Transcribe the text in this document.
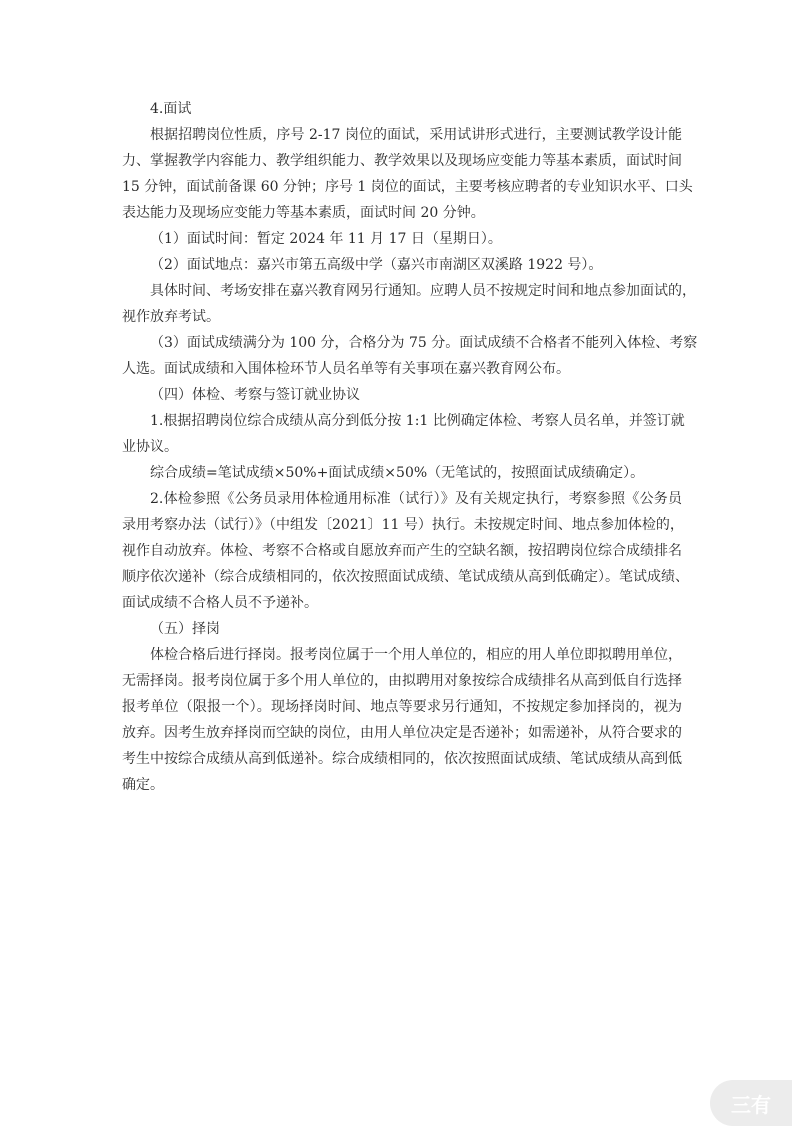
4.面试

根据招聘岗位性质，序号 2-17 岗位的面试，采用试讲形式进行，主要测试教学设计能

力、掌握教学内容能力、教学组织能力、教学效果以及现场应变能力等基本素质，面试时间

15 分钟，面试前备课 60 分钟；序号 1 岗位的面试，主要考核应聘者的专业知识水平、口头

表达能力及现场应变能力等基本素质，面试时间 20 分钟。

（1）面试时间：暂定 2024 年 11 月 17 日（星期日）。

（2）面试地点：嘉兴市第五高级中学（嘉兴市南湖区双溪路 1922 号）。

具体时间、考场安排在嘉兴教育网另行通知。应聘人员不按规定时间和地点参加面试的，

视作放弃考试。

（3）面试成绩满分为 100 分，合格分为 75 分。面试成绩不合格者不能列入体检、考察

人选。面试成绩和入围体检环节人员名单等有关事项在嘉兴教育网公布。

（四）体检、考察与签订就业协议

1.根据招聘岗位综合成绩从高分到低分按 1:1 比例确定体检、考察人员名单，并签订就

业协议。

综合成绩=笔试成绩×50%+面试成绩×50%（无笔试的，按照面试成绩确定）。

2.体检参照《公务员录用体检通用标准（试行）》及有关规定执行，考察参照《公务员

录用考察办法（试行）》（中组发〔2021〕11 号）执行。未按规定时间、地点参加体检的，

视作自动放弃。体检、考察不合格或自愿放弃而产生的空缺名额，按招聘岗位综合成绩排名

顺序依次递补（综合成绩相同的，依次按照面试成绩、笔试成绩从高到低确定）。笔试成绩、

面试成绩不合格人员不予递补。

（五）择岗

体检合格后进行择岗。报考岗位属于一个用人单位的，相应的用人单位即拟聘用单位，

无需择岗。报考岗位属于多个用人单位的，由拟聘用对象按综合成绩排名从高到低自行选择

报考单位（限报一个）。现场择岗时间、地点等要求另行通知，不按规定参加择岗的，视为

放弃。因考生放弃择岗而空缺的岗位，由用人单位决定是否递补；如需递补，从符合要求的

考生中按综合成绩从高到低递补。综合成绩相同的，依次按照面试成绩、笔试成绩从高到低

确定。

三有
